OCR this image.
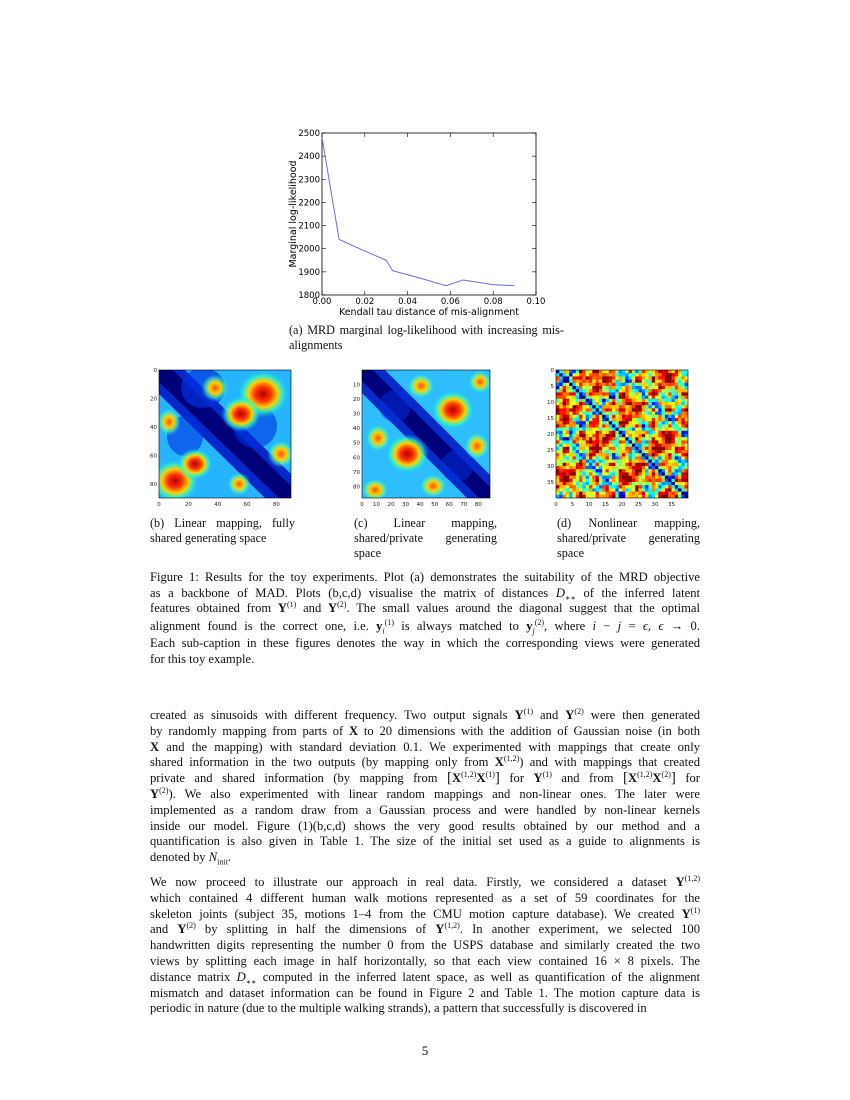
1800
1900
2000
2100
2200
2300
2400
2500
0.00	0.02	0.04	0.06	0.08	0.10
Marginal log-likelihood
Kendall tau distance of mis-alignment
(a) MRD marginal log-likelihood with increasing mis-
alignments
0
20
40
60
80
0	20	40	60	80
10
20
30
40
50
60
70
80
0 10 20 30 40 50 60 70 80
0
5
10
15
20
25
30
35
0 5 10 15 20 25 30 35
(b) Linear mapping, fully
shared generating space
(c) Linear mapping,
shared/private generating
space
(d) Nonlinear mapping,
shared/private generating
space
Figure 1: Results for the toy experiments. Plot (a) demonstrates the suitability of the MRD objective
as a backbone of MAD. Plots (b,c,d) visualise the matrix of distances $D_{∗∗}$ of the inferred latent
features obtained from $Y^{(1)}$ and $Y^{(2)}$. The small values around the diagonal suggest that the optimal
alignment found is the correct one, i.e. $y_i^{(1)}$ is always matched to $y_j^{(2)}$, where i − j = ϵ, ϵ → 0.
Each sub-caption in these figures denotes the way in which the corresponding views were generated
for this toy example.
created as sinusoids with different frequency. Two output signals $Y^{(1)}$ and $Y^{(2)}$ were then generated
by randomly mapping from parts of X to 20 dimensions with the addition of Gaussian noise (in both
X and the mapping) with standard deviation 0.1. We experimented with mappings that create only
shared information in the two outputs (by mapping only from X$^{(1,2)}$) and with mappings that created
private and shared information (by mapping from $[X^{(1,2)}X^{(1)}]$ for $Y^{(1)}$ and from $[X^{(1,2)}X^{(2)}]$ for
$Y^{(2)}$). We also experimented with linear random mappings and non-linear ones. The later were
implemented as a random draw from a Gaussian process and were handled by non-linear kernels
inside our model. Figure (1)(b,c,d) shows the very good results obtained by our method and a
quantification is also given in Table 1. The size of the initial set used as a guide to alignments is
denoted by $N_{init}$.
We now proceed to illustrate our approach in real data. Firstly, we considered a dataset Y$^{(1,2)}$
which contained 4 different human walk motions represented as a set of 59 coordinates for the
skeleton joints (subject 35, motions 1–4 from the CMU motion capture database). We created $Y^{(1)}$
and $Y^{(2)}$ by splitting in half the dimensions of Y$^{(1,2)}$. In another experiment, we selected 100
handwritten digits representing the number 0 from the USPS database and similarly created the two
views by splitting each image in half horizontally, so that each view contained 16 × 8 pixels. The
distance matrix $D_{∗∗}$ computed in the inferred latent space, as well as quantification of the alignment
mismatch and dataset information can be found in Figure 2 and Table 1. The motion capture data is
periodic in nature (due to the multiple walking strands), a pattern that successfully is discovered in
5
